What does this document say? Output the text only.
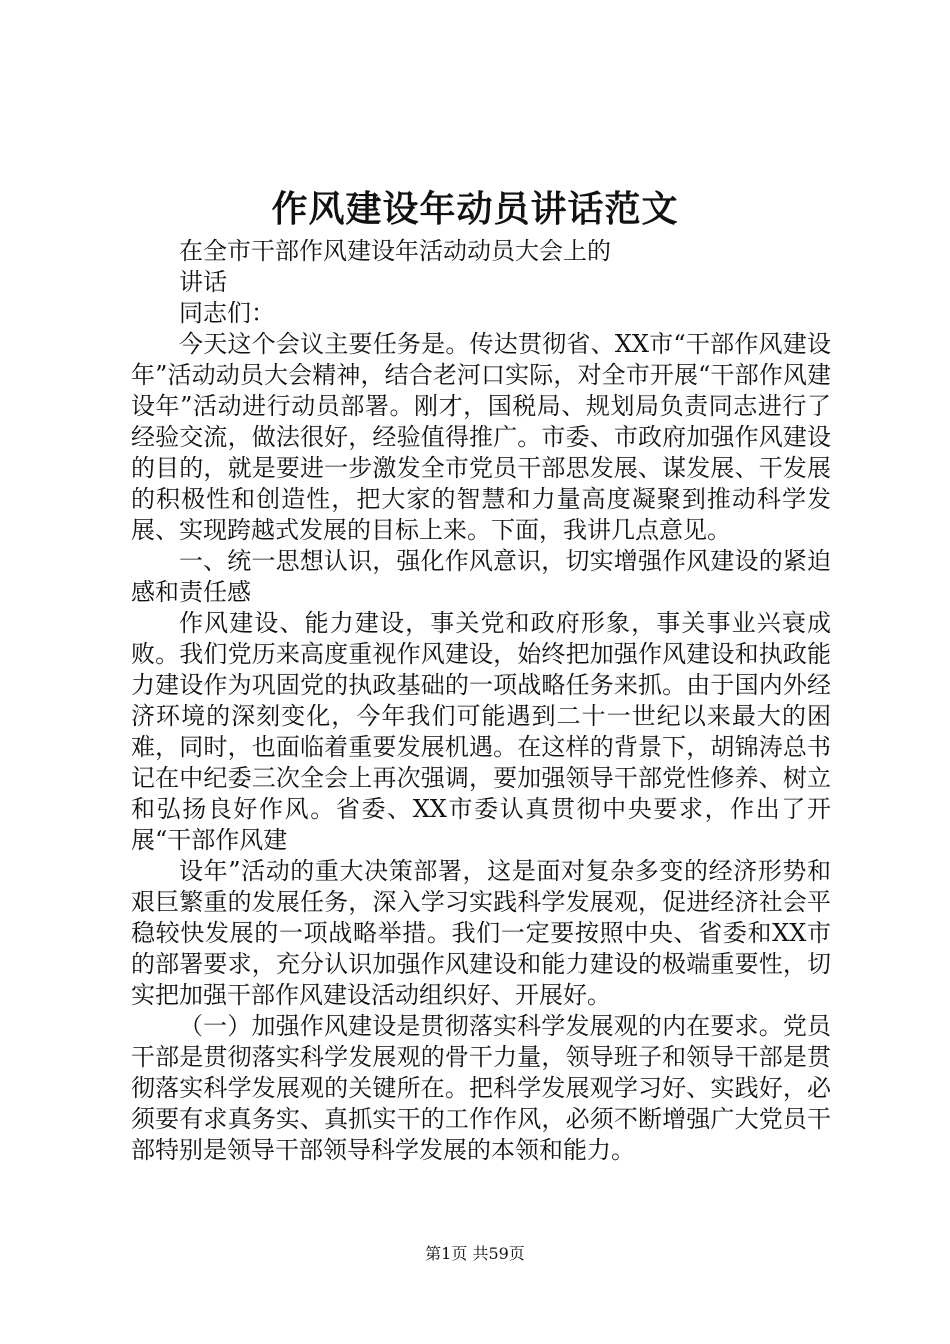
作风建设年动员讲话范文

在全市干部作风建设年活动动员大会上的

讲话

同志们：

今天这个会议主要任务是。传达贯彻省、XX市“干部作风建设年”活动动员大会精神，结合老河口实际，对全市开展“干部作风建设年”活动进行动员部署。刚才，国税局、规划局负责同志进行了经验交流，做法很好，经验值得推广。市委、市政府加强作风建设的目的，就是要进一步激发全市党员干部思发展、谋发展、干发展的积极性和创造性，把大家的智慧和力量高度凝聚到推动科学发展、实现跨越式发展的目标上来。下面，我讲几点意见。

一、统一思想认识，强化作风意识，切实增强作风建设的紧迫感和责任感

作风建设、能力建设，事关党和政府形象，事关事业兴衰成败。我们党历来高度重视作风建设，始终把加强作风建设和执政能力建设作为巩固党的执政基础的一项战略任务来抓。由于国内外经济环境的深刻变化，今年我们可能遇到二十一世纪以来最大的困难，同时，也面临着重要发展机遇。在这样的背景下，胡锦涛总书记在中纪委三次全会上再次强调，要加强领导干部党性修养、树立和弘扬良好作风。省委、XX市委认真贯彻中央要求，作出了开展“干部作风建

设年”活动的重大决策部署，这是面对复杂多变的经济形势和艰巨繁重的发展任务，深入学习实践科学发展观，促进经济社会平稳较快发展的一项战略举措。我们一定要按照中央、省委和XX市的部署要求，充分认识加强作风建设和能力建设的极端重要性，切实把加强干部作风建设活动组织好、开展好。

（一）加强作风建设是贯彻落实科学发展观的内在要求。党员干部是贯彻落实科学发展观的骨干力量，领导班子和领导干部是贯彻落实科学发展观的关键所在。把科学发展观学习好、实践好，必须要有求真务实、真抓实干的工作作风，必须不断增强广大党员干部特别是领导干部领导科学发展的本领和能力。

第1页 共59页
